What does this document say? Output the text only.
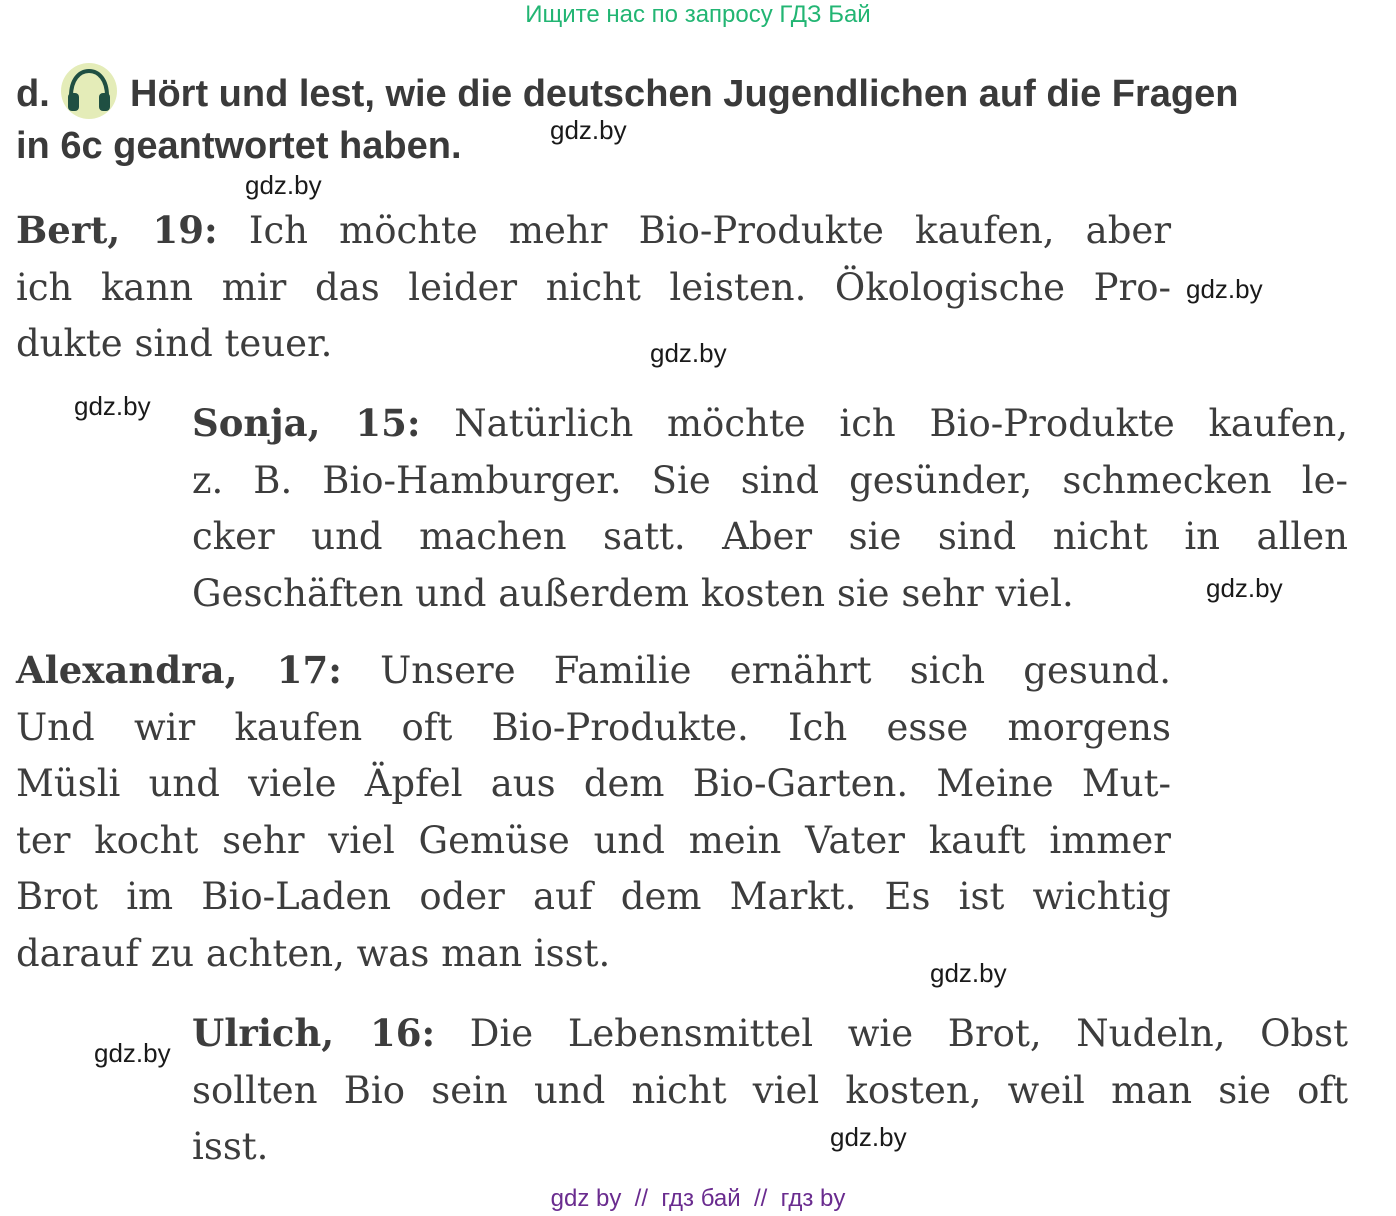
Ищите нас по запросу ГДЗ Бай
d. Hört und lest, wie die deutschen Jugendlichen auf die Fragen
in 6c geantwortet haben.
Bert, 19: Ich möchte mehr Bio-Produkte kaufen, aber
ich kann mir das leider nicht leisten. Ökologische Pro-
dukte sind teuer.
Sonja, 15: Natürlich möchte ich Bio-Produkte kaufen,
z. B. Bio-Hamburger. Sie sind gesünder, schmecken le-
cker und machen satt. Aber sie sind nicht in allen
Geschäften und außerdem kosten sie sehr viel.
Alexandra, 17: Unsere Familie ernährt sich gesund.
Und wir kaufen oft Bio-Produkte. Ich esse morgens
Müsli und viele Äpfel aus dem Bio-Garten. Meine Mut-
ter kocht sehr viel Gemüse und mein Vater kauft immer
Brot im Bio-Laden oder auf dem Markt. Es ist wichtig
darauf zu achten, was man isst.
Ulrich, 16: Die Lebensmittel wie Brot, Nudeln, Obst
sollten Bio sein und nicht viel kosten, weil man sie oft
isst.
gdz.by
gdz.by
gdz.by
gdz.by
gdz.by
gdz.by
gdz.by
gdz.by
gdz.by
gdz by  //  гдз бай  //  гдз by
